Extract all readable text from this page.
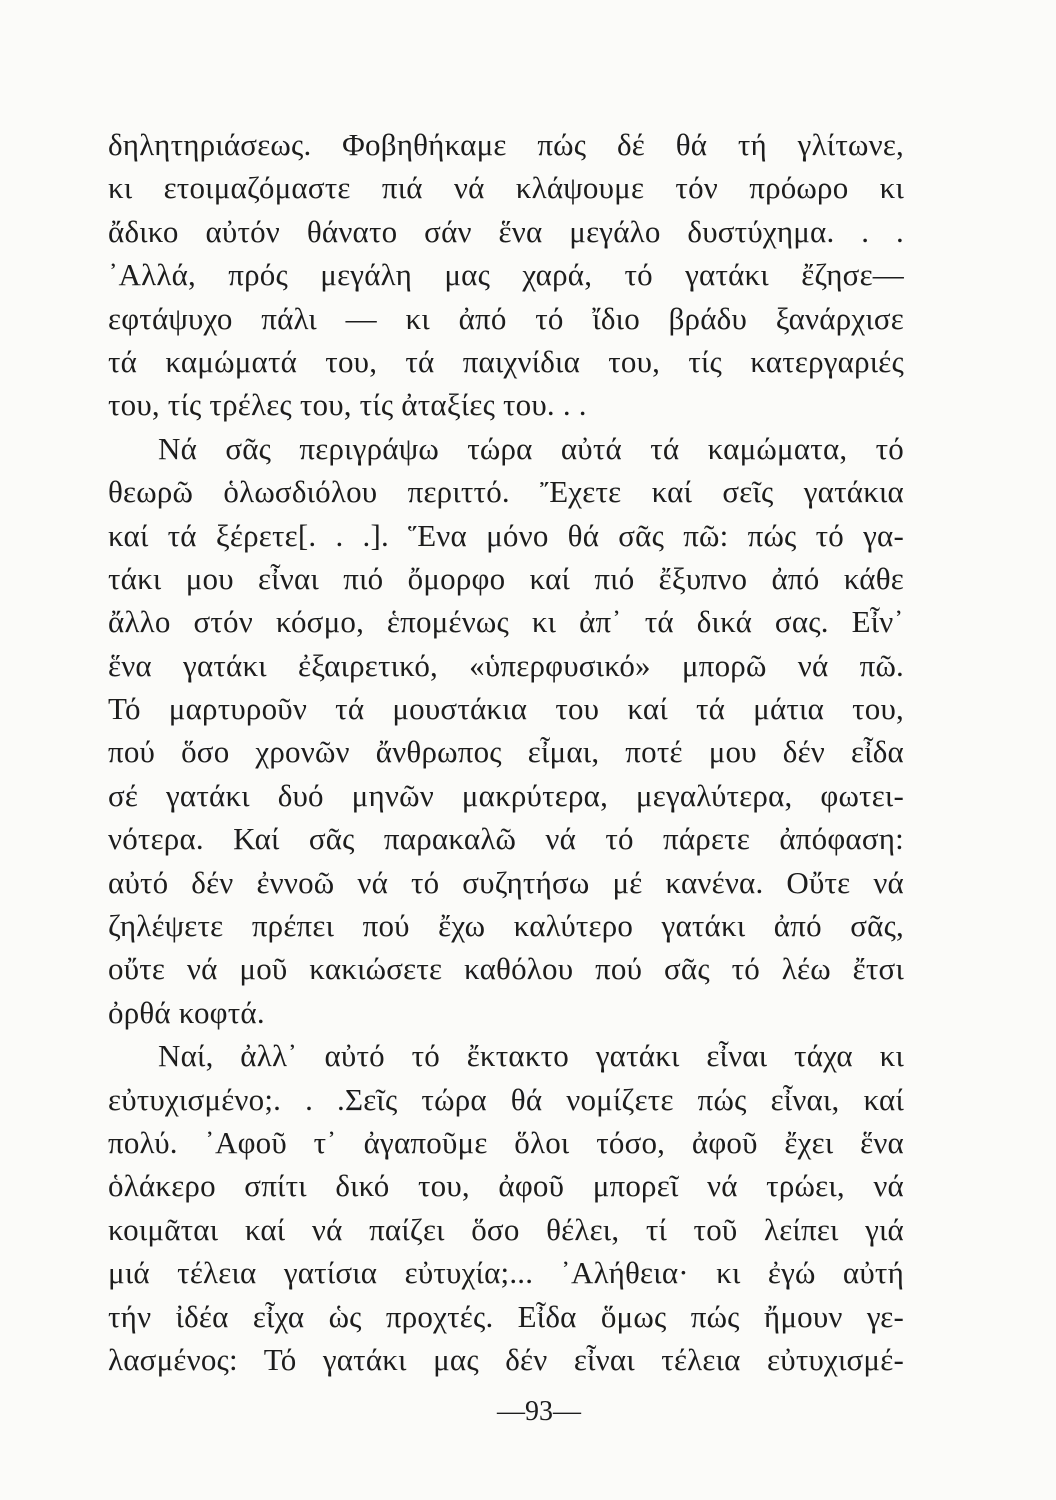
δηλητηριάσεως. Φοβηθήκαμε πώς δέ θά τή γλίτωνε,
κι ετοιμαζόμαστε πιά νά κλάψουμε τόν πρόωρο κι
ἄδικο αὐτόν θάνατο σάν ἕνα μεγάλο δυστύχημα. . .
᾿Αλλά, πρός μεγάλη μας χαρά, τό γατάκι ἔζησε—
εφτάψυχο πάλι — κι ἀπό τό ἴδιο βράδυ ξανάρχισε
τά καμώματά του, τά παιχνίδια του, τίς κατεργαριές
του, τίς τρέλες του, τίς ἀταξίες του. . .
Νά σᾶς περιγράψω τώρα αὐτά τά καμώματα, τό
θεωρῶ ὁλωσδιόλου περιττό. Ἔχετε καί σεῖς γατάκια
καί τά ξέρετε[. . .]. Ἕνα μόνο θά σᾶς πῶ: πώς τό γα-
τάκι μου εἶναι πιό ὄμορφο καί πιό ἔξυπνο ἀπό κάθε
ἄλλο στόν κόσμο, ἑπομένως κι ἀπ᾿ τά δικά σας. Εἶν᾿
ἕνα γατάκι ἐξαιρετικό, «ὑπερφυσικό» μπορῶ νά πῶ.
Τό μαρτυροῦν τά μουστάκια του καί τά μάτια του,
πού ὅσο χρονῶν ἄνθρωπος εἶμαι, ποτέ μου δέν εἶδα
σέ γατάκι δυό μηνῶν μακρύτερα, μεγαλύτερα, φωτει-
νότερα. Καί σᾶς παρακαλῶ νά τό πάρετε ἀπόφαση:
αὐτό δέν ἐννοῶ νά τό συζητήσω μέ κανένα. Οὔτε νά
ζηλέψετε πρέπει πού ἔχω καλύτερο γατάκι ἀπό σᾶς,
οὔτε νά μοῦ κακιώσετε καθόλου πού σᾶς τό λέω ἔτσι
ὀρθά κοφτά.
Ναί, ἀλλ᾿ αὐτό τό ἔκτακτο γατάκι εἶναι τάχα κι
εὐτυχισμένο;. . .Σεῖς τώρα θά νομίζετε πώς εἶναι, καί
πολύ. ᾿Αφοῦ τ᾿ ἀγαποῦμε ὅλοι τόσο, ἀφοῦ ἔχει ἕνα
ὁλάκερο σπίτι δικό του, ἀφοῦ μπορεῖ νά τρώει, νά
κοιμᾶται καί νά παίζει ὅσο θέλει, τί τοῦ λείπει γιά
μιά τέλεια γατίσια εὐτυχία;... ᾿Αλήθεια· κι ἐγώ αὐτή
τήν ἰδέα εἶχα ὡς προχτές. Εἶδα ὅμως πώς ἤμουν γε-
λασμένος: Τό γατάκι μας δέν εἶναι τέλεια εὐτυχισμέ-
—93—
